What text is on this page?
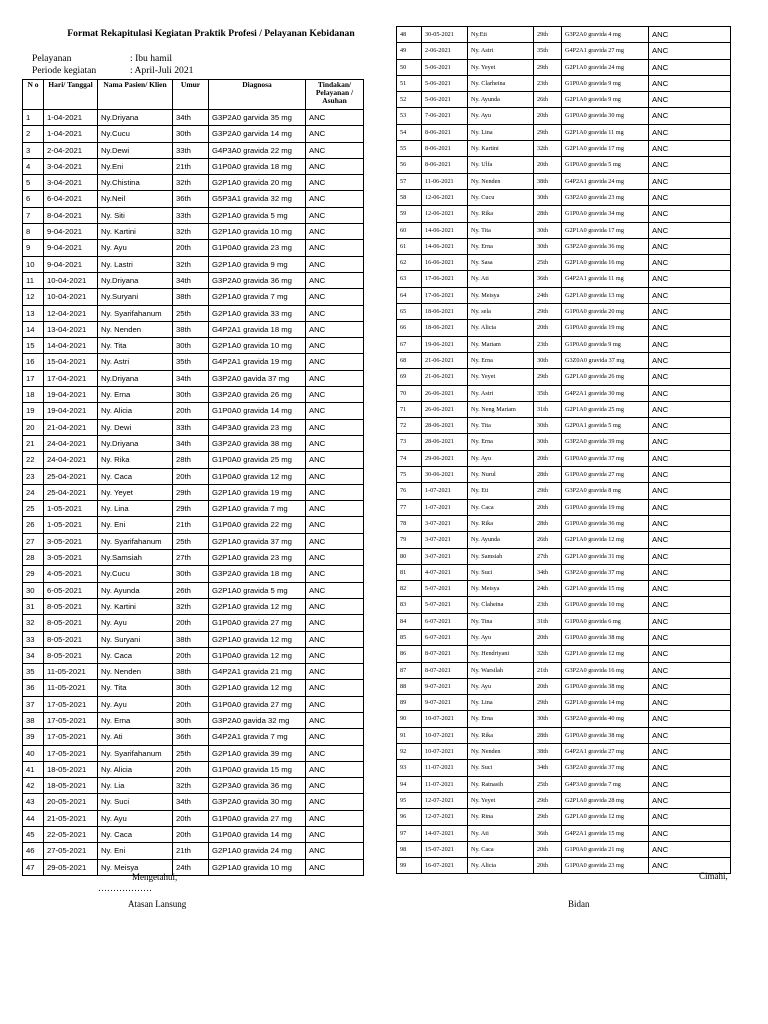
Format Rekapitulasi Kegiatan Praktik Profesi / Pelayanan Kebidanan
Pelayanan	: Ibu hamil
Periode kegiatan	: April-Juli 2021
N o	Hari/ Tanggal	Nama Pasien/ Klien	Umur	Diagnosa	Tindakan/ Pelayanan / Asuhan
1	1-04-2021	Ny.Driyana	34th	G3P2A0 garvida 35 mg	ANC
2	1-04-2021	Ny.Cucu	30th	G3P2A0 garvida 14 mg	ANC
3	2-04-2021	Ny.Dewi	33th	G4P3A0 gravida 22 mg	ANC
4	3-04-2021	Ny.Eni	21th	G1P0A0 gravida 18 mg	ANC
5	3-04-2021	Ny.Chistina	32th	G2P1A0 gravida 20 mg	ANC
6	6-04-2021	Ny.Neil	36th	G5P3A1 gravida 32 mg	ANC
7	8-04-2021	Ny. Siti	33th	G2P1A0 gravida 5 mg	ANC
8	9-04-2021	Ny. Kartini	32th	G2P1A0 gravida 10 mg	ANC
9	9-04-2021	Ny. Ayu	20th	G1P0A0 gravida 23 mg	ANC
10	9-04-2021	Ny. Lastri	32th	G2P1A0 gravida 9 mg	ANC
11	10-04-2021	Ny.Driyana	34th	G3P2A0 gravida 36 mg	ANC
12	10-04-2021	Ny.Suryani	38th	G2P1A0 gravida 7 mg	ANC
13	12-04-2021	Ny. Syarifahanum	25th	G2P1A0 gravida 33 mg	ANC
14	13-04-2021	Ny. Nenden	38th	G4P2A1 gravida 18 mg	ANC
15	14-04-2021	Ny. Tita	30th	G2P1A0 gravida 10 mg	ANC
16	15-04-2021	Ny. Astri	35th	G4P2A1 gravida 19 mg	ANC
17	17-04-2021	Ny.Driyana	34th	G3P2A0 gavida 37 mg	ANC
18	19-04-2021	Ny. Erna	30th	G3P2A0 gravida 26 mg	ANC
19	19-04-2021	Ny. Alicia	20th	G1P0A0 gravida 14 mg	ANC
20	21-04-2021	Ny. Dewi	33th	G4P3A0 gravida 23 mg	ANC
21	24-04-2021	Ny.Driyana	34th	G3P2A0 gravida 38 mg	ANC
22	24-04-2021	Ny. Rika	28th	G1P0A0 gravida 25 mg	ANC
23	25-04-2021	Ny. Caca	20th	G1P0A0 gravida 12 mg	ANC
24	25-04-2021	Ny. Yeyet	29th	G2P1A0 gravida 19 mg	ANC
25	1-05-2021	Ny. Lina	29th	G2P1A0 gravida 7 mg	ANC
26	1-05-2021	Ny. Eni	21th	G1P0A0 gravida 22 mg	ANC
27	3-05-2021	Ny. Syarifahanum	25th	G2P1A0 gravida 37 mg	ANC
28	3-05-2021	Ny.Samsiah	27th	G2P1A0 gravida 23 mg	ANC
29	4-05-2021	Ny.Cucu	30th	G3P2A0 gravida 18 mg	ANC
30	6-05-2021	Ny. Ayunda	26th	G2P1A0 gravida 5 mg	ANC
31	8-05-2021	Ny. Kartini	32th	G2P1A0 gravida 12 mg	ANC
32	8-05-2021	Ny. Ayu	20th	G1P0A0 gravida 27 mg	ANC
33	8-05-2021	Ny. Suryani	38th	G2P1A0 gravida 12 mg	ANC
34	8-05-2021	Ny. Caca	20th	G1P0A0 gravida 12 mg	ANC
35	11-05-2021	Ny. Nenden	38th	G4P2A1 gravida 21 mg	ANC
36	11-05-2021	Ny. Tita	30th	G2P1A0 gravida 12 mg	ANC
37	17-05-2021	Ny. Ayu	20th	G1P0A0 gravida 27 mg	ANC
38	17-05-2021	Ny. Erna	30th	G3P2A0 gavida 32 mg	ANC
39	17-05-2021	Ny. Ati	36th	G4P2A1 gravida 7 mg	ANC
40	17-05-2021	Ny. Syarifahanum	25th	G2P1A0 gravida 39 mg	ANC
41	18-05-2021	Ny. Alicia	20th	G1P0A0 gravida 15 mg	ANC
42	18-05-2021	Ny. Lia	32th	G2P3A0 gravida 36 mg	ANC
43	20-05-2021	Ny. Suci	34th	G3P2A0 gravida 30 mg	ANC
44	21-05-2021	Ny. Ayu	20th	G1P0A0 gravida 27 mg	ANC
45	22-05-2021	Ny. Caca	20th	G1P0A0 gravida 14 mg	ANC
46	27-05-2021	Ny. Eni	21th	G2P1A0 gravida 24 mg	ANC
47	29-05-2021	Ny. Meisya	24th	G2P1A0 gravida 10 mg	ANC
48	30-05-2021	Ny.Eti	29th	G3P2A0 gravida 4 mg	ANC
49	2-06-2021	Ny. Astri	35th	G4P2A1 gravida 27 mg	ANC
50	5-06-2021	Ny. Yeyet	29th	G2P1A0 gravida 24 mg	ANC
51	5-06-2021	Ny. Clarheina	23th	G1P0A0 gravida 9 mg	ANC
52	5-06-2021	Ny. Ayunda	26th	G2P1A0 gravida 9 mg	ANC
53	7-06-2021	Ny. Ayu	20th	G1P0A0 gravida 30 mg	ANC
54	8-06-2021	Ny. Lina	29th	G2P1A0 gravida 11 mg	ANC
55	8-06-2021	Ny. Kartini	32th	G2P1A0 gravida 17 mg	ANC
56	8-06-2021	Ny. Ulfa	20th	G1P0A0 gravida 5 mg	ANC
57	11-06-2021	Ny. Nenden	38th	G4P2A1 gravida 24 mg	ANC
58	12-06-2021	Ny. Cucu	30th	G3P2A0 gravida 23 mg	ANC
59	12-06-2021	Ny. Rika	28th	G1P0A0 gravida 34 mg	ANC
60	14-06-2021	Ny. Tita	30th	G2P1A0 gravida 17 mg	ANC
61	14-06-2021	Ny. Erna	30th	G3P2A0 gravida 36 mg	ANC
62	16-06-2021	Ny. Sasa	25th	G2P1A0 gravida 16 mg	ANC
63	17-06-2021	Ny. Ati	36th	G4P2A1 gravida 11 mg	ANC
64	17-06-2021	Ny. Meisya	24th	G2P1A0 gravida 13 mg	ANC
65	18-06-2021	Ny. sela	29th	G1P0A0 gravida 20 mg	ANC
66	18-06-2021	Ny. Alicia	20th	G1P0A0 gravida 19 mg	ANC
67	19-06-2021	Ny. Mariam	23th	G1P0A0 gravida 9 mg	ANC
68	21-06-2021	Ny. Erna	30th	G3Z0A0 gravida 37 mg	ANC
69	21-06-2021	Ny. Yeyet	29th	G2P1A0 gravida 26 mg	ANC
70	26-06-2021	Ny. Astri	35th	G4P2A1 gravida 30 mg	ANC
71	26-06-2021	Ny. Neng Mariam	31th	G2P1A0 gravida 25 mg	ANC
72	28-06-2021	Ny. Tita	30th	G2P0A1 gravida 5 mg	ANC
73	28-06-2021	Ny. Erna	30th	G3P2A0 gravida 39 mg	ANC
74	29-06-2021	Ny. Ayu	20th	G1P0A0 gravida 37 mg	ANC
75	30-06-2021	Ny. Nurul	28th	G1P0A0 gravida 27 mg	ANC
76	1-07-2021	Ny. Eti	29th	G3P2A0 gravida 8 mg	ANC
77	1-07-2021	Ny. Caca	20th	G1P0A0 gravida 19 mg	ANC
78	3-07-2021	Ny. Rika	28th	G1P0A0 gravida 36 mg	ANC
79	3-07-2021	Ny. Ayunda	26th	G2P1A0 gravida 12 mg	ANC
80	3-07-2021	Ny. Samsiah	27th	G2P1A0 gravida 31 mg	ANC
81	4-07-2021	Ny. Suci	34th	G3P2A0 gravida 37 mg	ANC
82	5-07-2021	Ny. Meisya	24th	G2P1A0 gravida 15 mg	ANC
83	5-07-2021	Ny. Claheina	23th	G1P0A0 gravida 10 mg	ANC
84	6-07-2021	Ny. Tina	31th	G1P0A0 gravida 6 mg	ANC
85	6-07-2021	Ny. Ayu	20th	G1P0A0 gravida 38 mg	ANC
86	8-07-2021	Ny. Hendriyani	32th	G2P1A0 gravida 12 mg	ANC
87	8-07-2021	Ny. Warsilah	21th	G3P2A0 gravida 16 mg	ANC
88	9-07-2021	Ny. Ayu	20th	G1P0A0 gravida 38 mg	ANC
89	9-07-2021	Ny. Lina	29th	G2P1A0 gravida 14 mg	ANC
90	10-07-2021	Ny. Erna	30th	G3P2A0 gravida 40 mg	ANC
91	10-07-2021	Ny. Rika	28th	G1P0A0 gravida 38 mg	ANC
92	10-07-2021	Ny. Nenden	38th	G4P2A1 gravida 27 mg	ANC
93	11-07-2021	Ny. Suci	34th	G3P2A0 gravida 37 mg	ANC
94	11-07-2021	Ny. Ratnasih	25th	G4P3A0 gravida 7 mg	ANC
95	12-07-2021	Ny. Yeyet	29th	G2P1A0 gravida 28 mg	ANC
96	12-07-2021	Ny. Rina	29th	G2P1A0 gravida 12 mg	ANC
97	14-07-2021	Ny. Ati	36th	G4P2A1 gravida 15 mg	ANC
98	15-07-2021	Ny. Caca	20th	G1P0A0 gravida 21 mg	ANC
99	16-07-2021	Ny. Alicia	20th	G1P0A0 gravida 23 mg	ANC
Mengetahui,
………………
Atasan Lansung
Cimahi,
Bidan
